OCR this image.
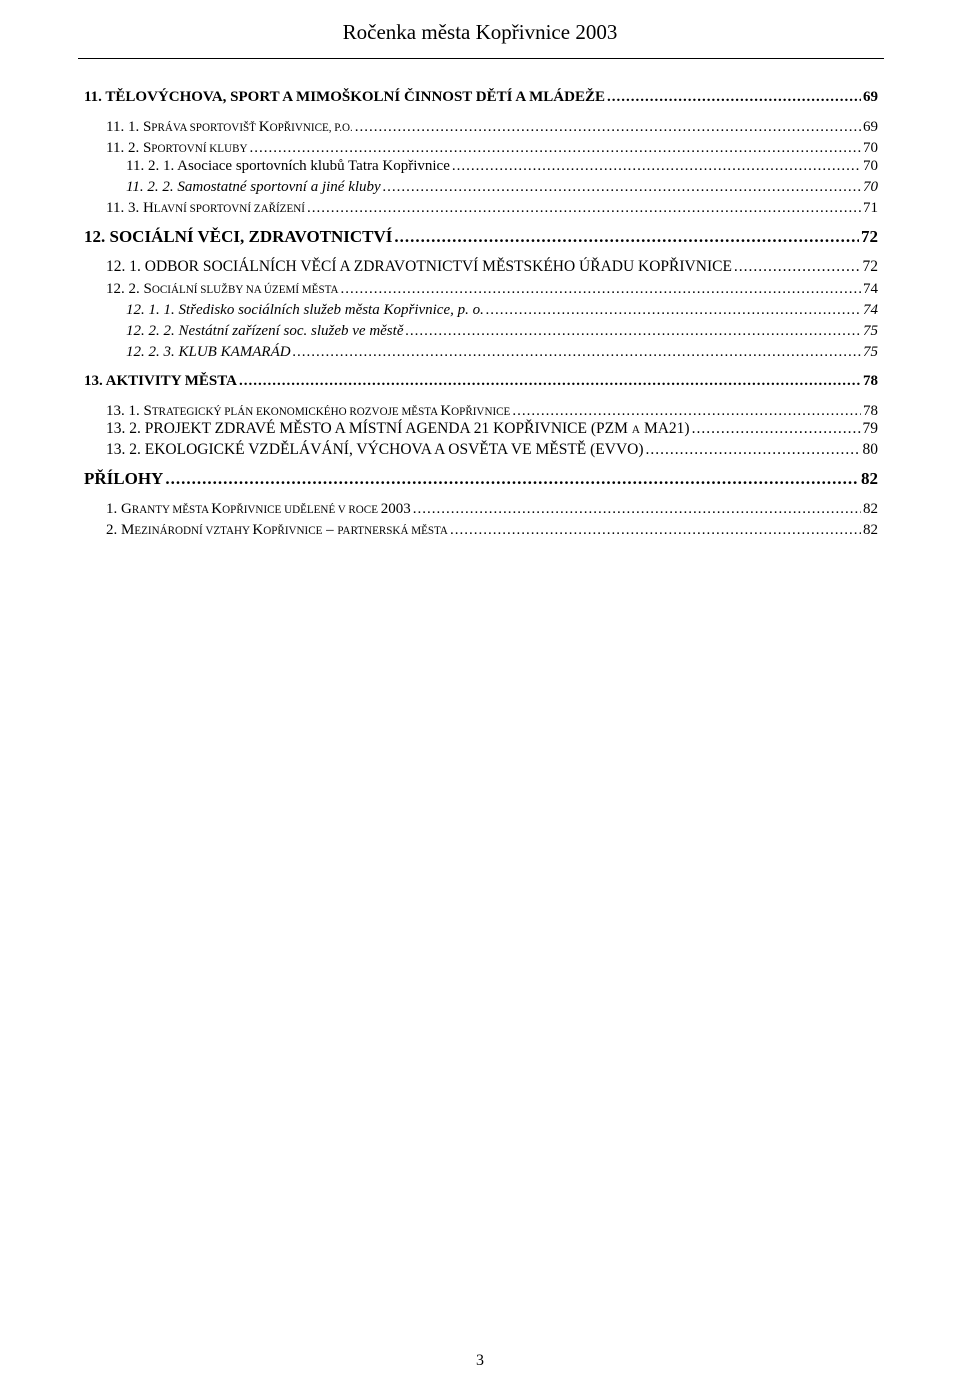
Ročenka města Kopřivnice 2003
11. TĚLOVÝCHOVA, SPORT A MIMOŠKOLNÍ ČINNOST DĚTÍ A MLÁDEŽE .....	69
11. 1. SPRÁVA SPORTOVIŠŤ KOPŘIVNICE, P.O. .....	69
11. 2. SPORTOVNÍ KLUBY .....	70
11. 2. 1. Asociace sportovních klubů Tatra Kopřivnice .....	70
11. 2. 2. Samostatné sportovní a jiné kluby .....	70
11. 3. HLAVNÍ SPORTOVNÍ ZAŘÍZENÍ .....	71
12. SOCIÁLNÍ VĚCI, ZDRAVOTNICTVÍ .....	72
12. 1. ODBOR SOCIÁLNÍCH VĚCÍ A ZDRAVOTNICTVÍ MĚSTSKÉHO ÚŘADU KOPŘIVNICE .....	72
12. 2. SOCIÁLNÍ SLUŽBY NA ÚZEMÍ MĚSTA .....	74
12. 1. 1. Středisko sociálních služeb města Kopřivnice, p. o. .....	74
12. 2. 2. Nestátní zařízení soc. služeb ve městě .....	75
12. 2. 3. KLUB KAMARÁD .....	75
13. AKTIVITY MĚSTA .....	78
13. 1. STRATEGICKÝ PLÁN EKONOMICKÉHO ROZVOJE MĚSTA KOPŘIVNICE .....	78
13. 2. PROJEKT ZDRAVÉ MĚSTO A MÍSTNÍ AGENDA 21 KOPŘIVNICE (PZM A MA21) .....	79
13. 2. EKOLOGICKÉ VZDĚLÁVÁNÍ, VÝCHOVA A OSVĚTA VE MĚSTĚ (EVVO) .....	80
PŘÍLOHY .....	82
1. GRANTY MĚSTA KOPŘIVNICE UDĚLENÉ V ROCE 2003 .....	82
2. MEZINÁRODNÍ VZTAHY KOPŘIVNICE – PARTNERSKÁ MĚSTA .....	82
3
